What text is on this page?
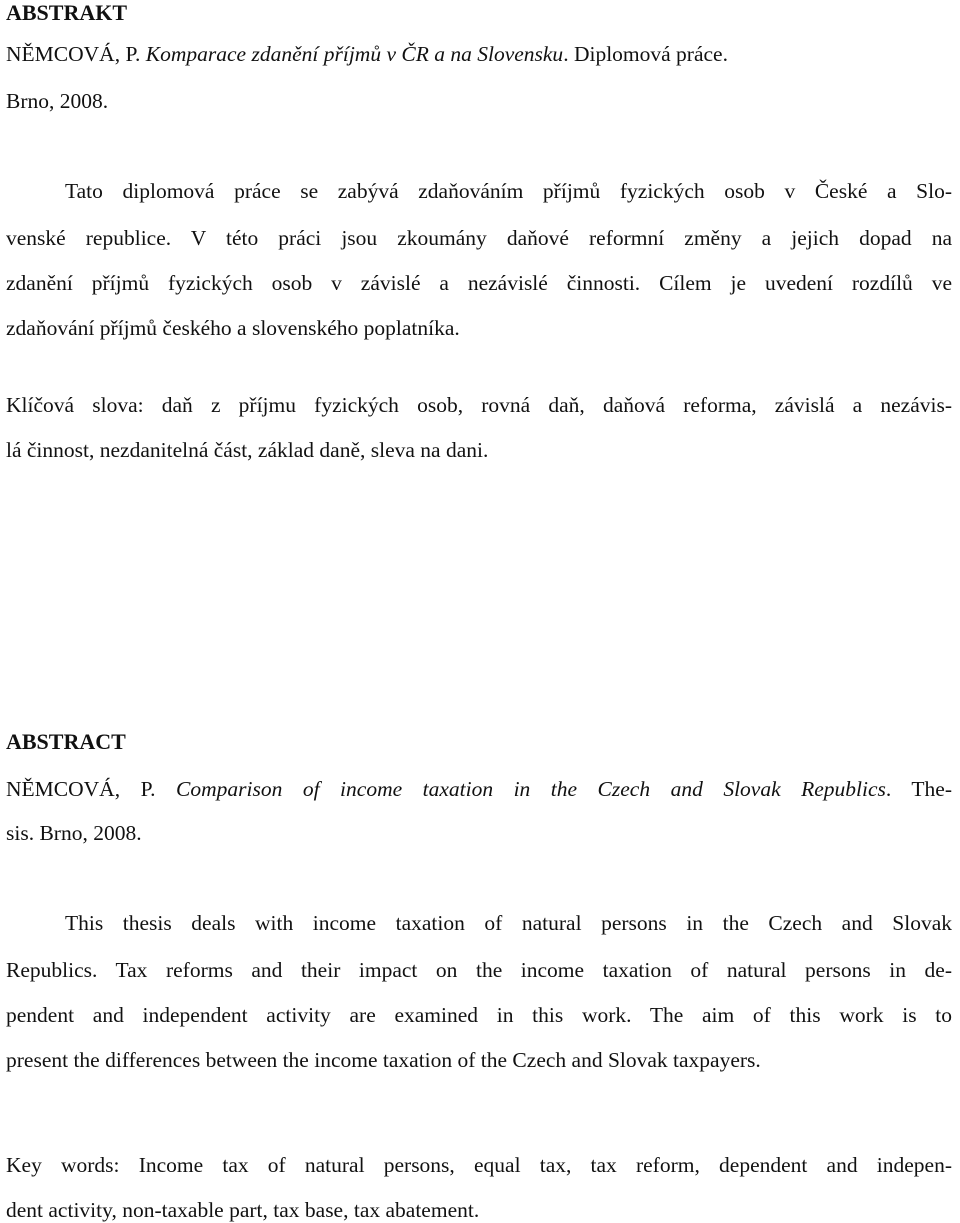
ABSTRAKT

NĚMCOVÁ, P. Komparace zdanění příjmů v ČR a na Slovensku. Diplomová práce.

Brno, 2008.

Tato diplomová práce se zabývá zdaňováním příjmů fyzických osob v České a Slo-

venské republice. V této práci jsou zkoumány daňové reformní změny a jejich dopad na

zdanění příjmů fyzických osob v závislé a nezávislé činnosti. Cílem je uvedení rozdílů ve

zdaňování příjmů českého a slovenského poplatníka.

Klíčová slova: daň z příjmu fyzických osob, rovná daň, daňová reforma, závislá a nezávis-

lá činnost, nezdanitelná část, základ daně, sleva na dani.

ABSTRACT

NĚMCOVÁ, P. Comparison of income taxation in the Czech and Slovak Republics. The-

sis. Brno, 2008.

This thesis deals with income taxation of natural persons in the Czech and Slovak

Republics. Tax reforms and their impact on the income taxation of natural persons in de-

pendent and independent activity are examined in this work. The aim of this work is to

present the differences between the income taxation of the Czech and Slovak taxpayers.

Key words: Income tax of natural persons, equal tax, tax reform, dependent and indepen-

dent activity, non-taxable part, tax base, tax abatement.
